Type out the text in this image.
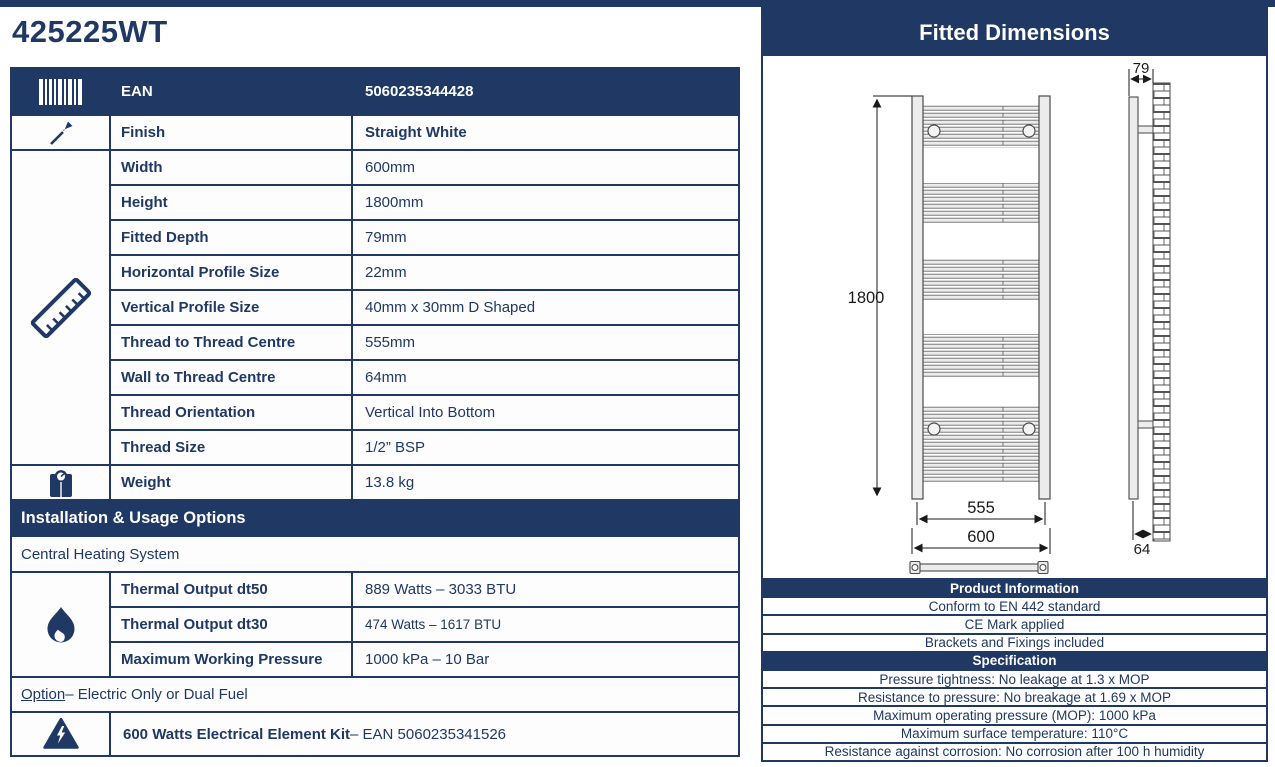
425225WT
EAN	5060235344428
Finish	Straight White
Width	600mm
Height	1800mm
Fitted Depth	79mm
Horizontal Profile Size	22mm
Vertical Profile Size	40mm x 30mm D Shaped
Thread to Thread Centre	555mm
Wall to Thread Centre	64mm
Thread Orientation	Vertical Into Bottom
Thread Size	1/2” BSP
Weight	13.8 kg
Installation & Usage Options
Central Heating System
Thermal Output dt50	889 Watts – 3033 BTU
Thermal Output dt30	474 Watts – 1617 BTU
Maximum Working Pressure	1000 kPa – 10 Bar
Option – Electric Only or Dual Fuel
600 Watts Electrical Element Kit – EAN 5060235341526
Fitted Dimensions
1800
555
600
79
64
Product Information
Conform to EN 442 standard
CE Mark applied
Brackets and Fixings included
Specification
Pressure tightness: No leakage at 1.3 x MOP
Resistance to pressure: No breakage at 1.69 x MOP
Maximum operating pressure (MOP): 1000 kPa
Maximum surface temperature: 110°C
Resistance against corrosion: No corrosion after 100 h humidity
